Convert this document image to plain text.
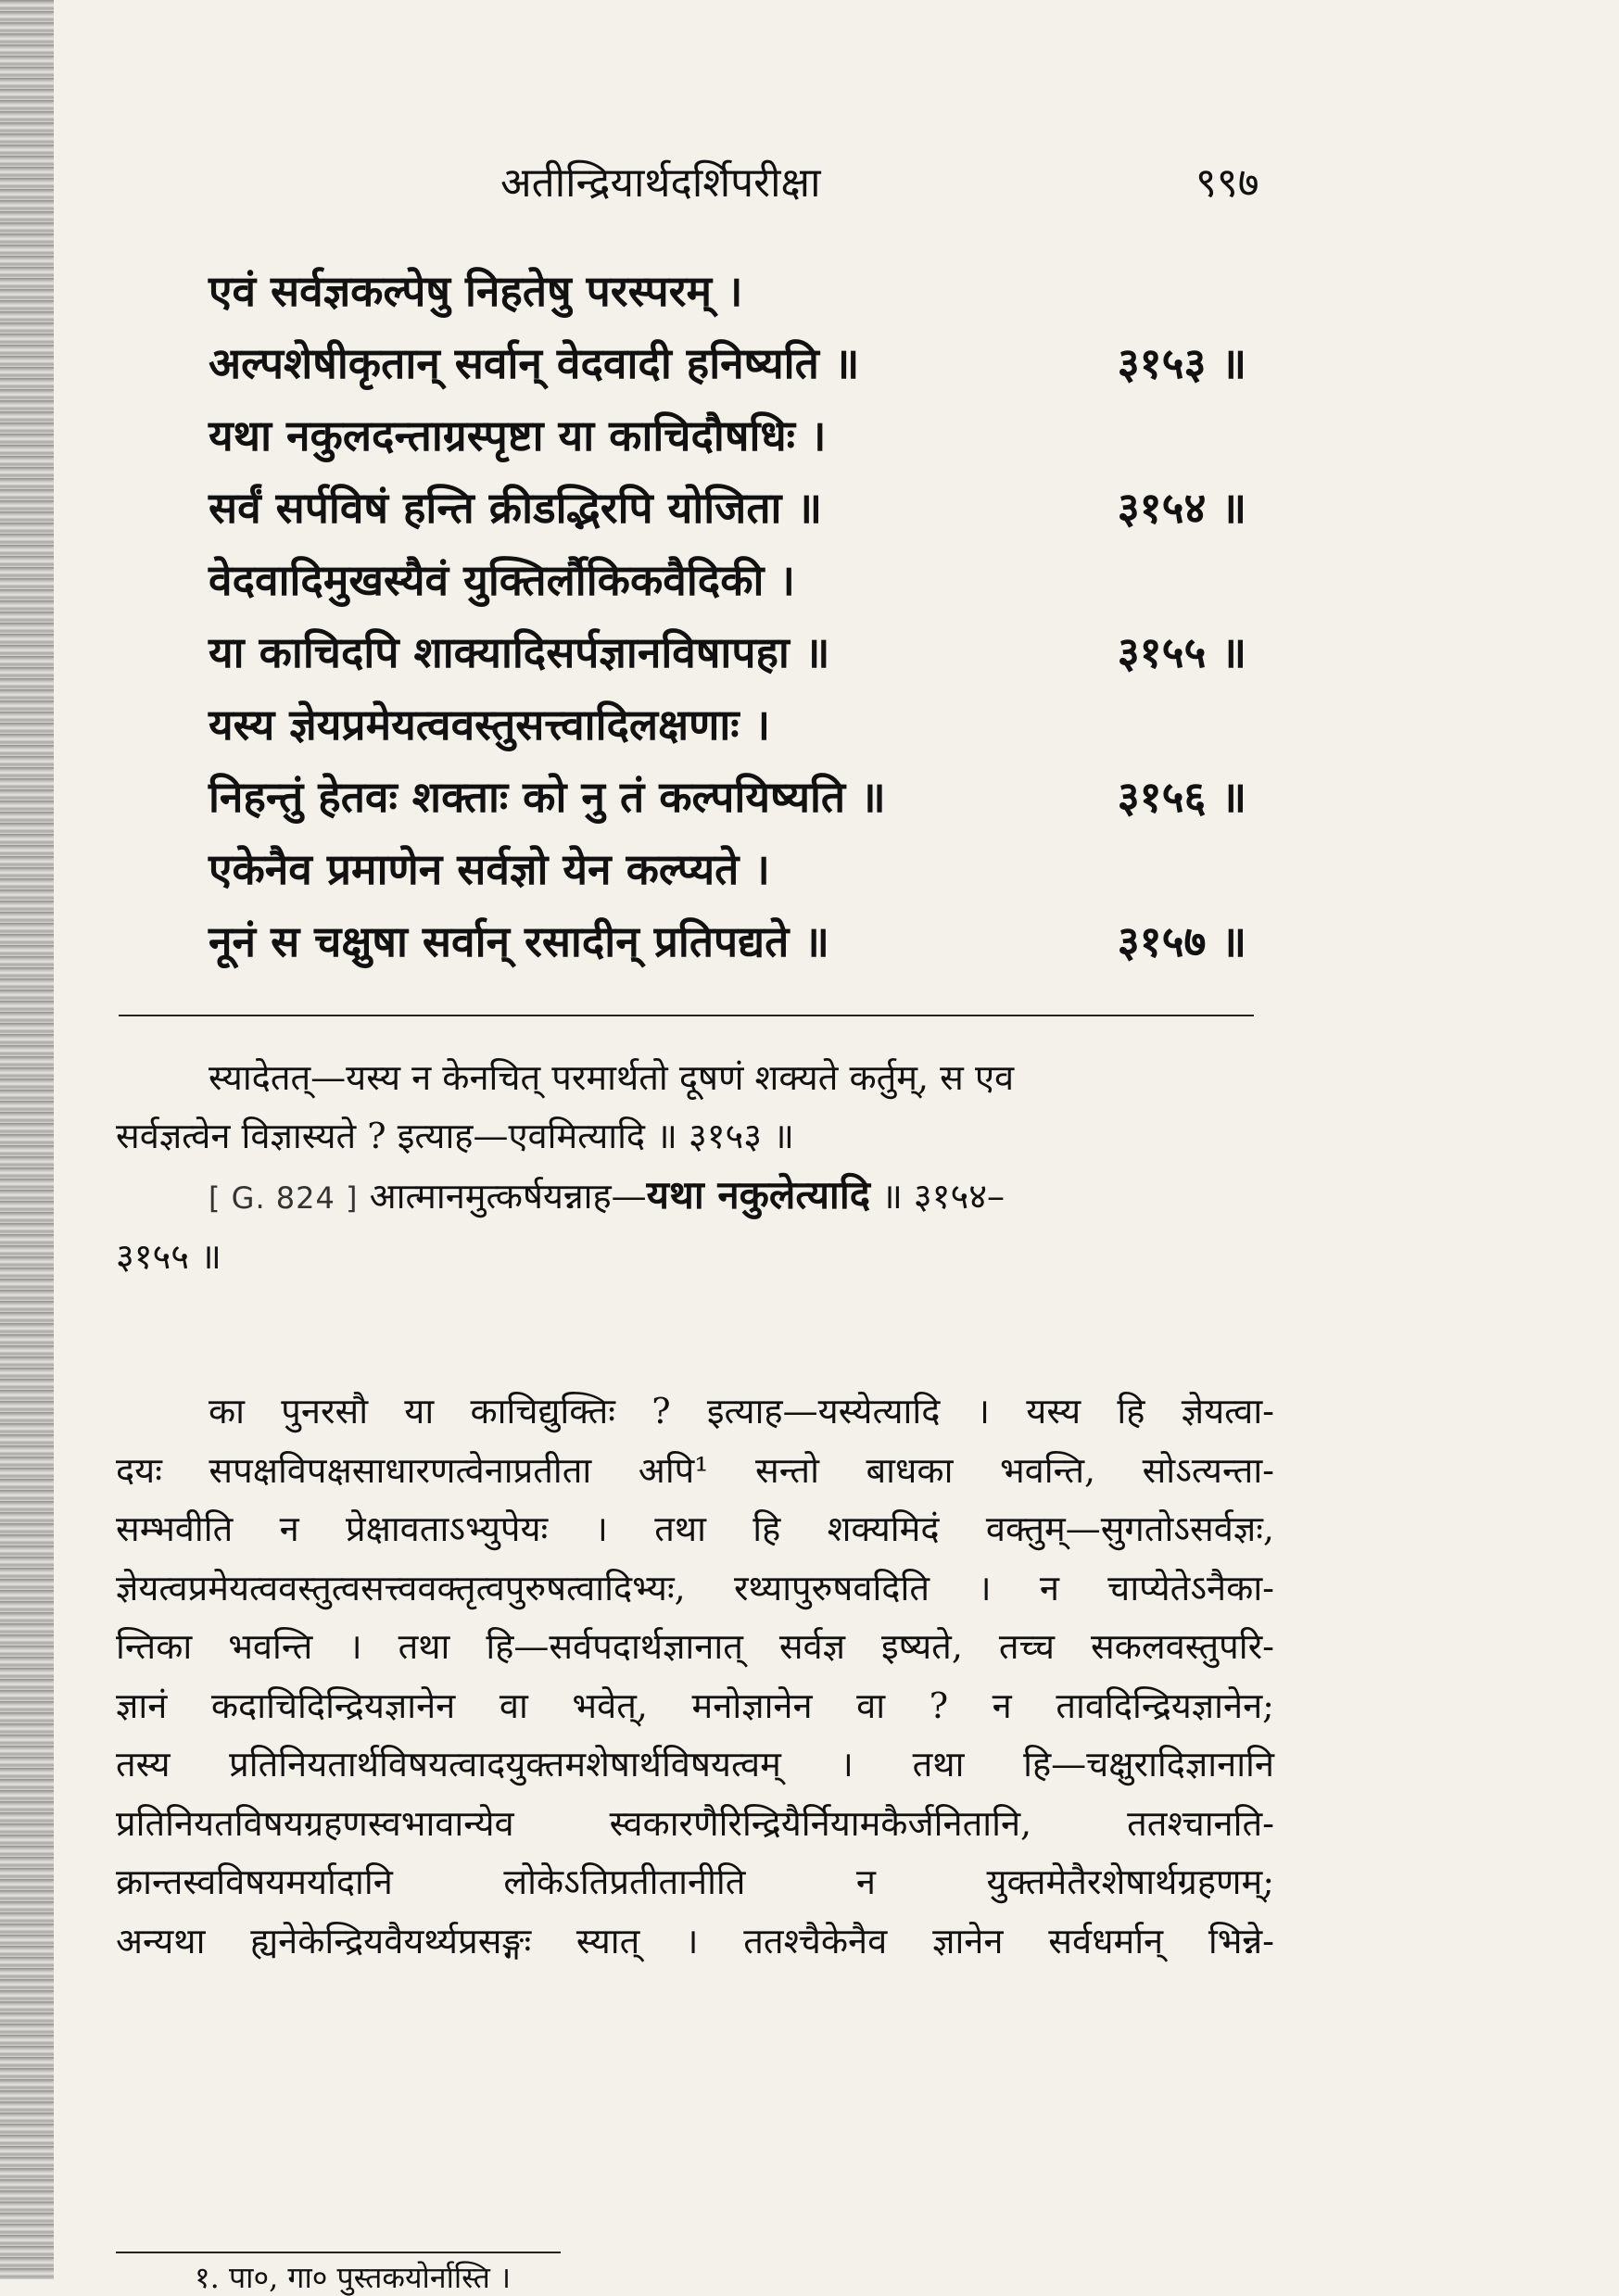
अतीन्द्रियार्थदर्शिपरीक्षा	९९७
एवं सर्वज्ञकल्पेषु निहतेषु परस्परम् ।
अल्पशेषीकृतान् सर्वान् वेदवादी हनिष्यति ॥	३१५३ ॥
यथा नकुलदन्ताग्रस्पृष्टा या काचिदौषधिः ।
सर्वं सर्पविषं हन्ति क्रीडद्भिरपि योजिता ॥	३१५४ ॥
वेदवादिमुखस्यैवं युक्तिर्लौकिकवैदिकी ।
या काचिदपि शाक्यादिसर्पज्ञानविषापहा ॥	३१५५ ॥
यस्य ज्ञेयप्रमेयत्ववस्तुसत्त्वादिलक्षणाः ।
निहन्तुं हेतवः शक्ताः को नु तं कल्पयिष्यति ॥	३१५६ ॥
एकेनैव प्रमाणेन सर्वज्ञो येन कल्प्यते ।
नूनं स चक्षुषा सर्वान् रसादीन् प्रतिपद्यते ॥	३१५७ ॥

स्यादेतत्—यस्य न केनचित् परमार्थतो दूषणं शक्यते कर्तुम्, स एव

सर्वज्ञत्वेन विज्ञास्यते ? इत्याह—एवमित्यादि ॥ ३१५३ ॥

[ G. 824 ] आत्मानमुत्कर्षयन्नाह—यथा नकुलेत्यादि ॥ ३१५४–

३१५५ ॥

का पुनरसौ या काचिद्युक्तिः ? इत्याह—यस्येत्यादि । यस्य हि ज्ञेयत्वा-
दयः सपक्षविपक्षसाधारणत्वेनाप्रतीता अपि¹ सन्तो बाधका भवन्ति, सोऽत्यन्ता-
सम्भवीति न प्रेक्षावताऽभ्युपेयः । तथा हि शक्यमिदं वक्तुम्—सुगतोऽसर्वज्ञः,
ज्ञेयत्वप्रमेयत्ववस्तुत्वसत्त्ववक्तृत्वपुरुषत्वादिभ्यः, रथ्यापुरुषवदिति । न चाप्येतेऽनैका-
न्तिका भवन्ति । तथा हि—सर्वपदार्थज्ञानात् सर्वज्ञ इष्यते, तच्च सकलवस्तुपरि-
ज्ञानं कदाचिदिन्द्रियज्ञानेन वा भवेत्, मनोज्ञानेन वा ? न तावदिन्द्रियज्ञानेन;
तस्य प्रतिनियतार्थविषयत्वादयुक्तमशेषार्थविषयत्वम् । तथा हि—चक्षुरादिज्ञानानि
प्रतिनियतविषयग्रहणस्वभावान्येव स्वकारणैरिन्द्रियैर्नियामकैर्जनितानि, ततश्चानति-
क्रान्तस्वविषयमर्यादानि लोकेऽतिप्रतीतानीति न युक्तमेतैरशेषार्थग्रहणम्;
अन्यथा ह्यनेकेन्द्रियवैयर्थ्यप्रसङ्गः स्यात् । ततश्चैकेनैव ज्ञानेन सर्वधर्मान् भिन्ने-
१. पा०, गा० पुस्तकयोर्नास्ति ।
